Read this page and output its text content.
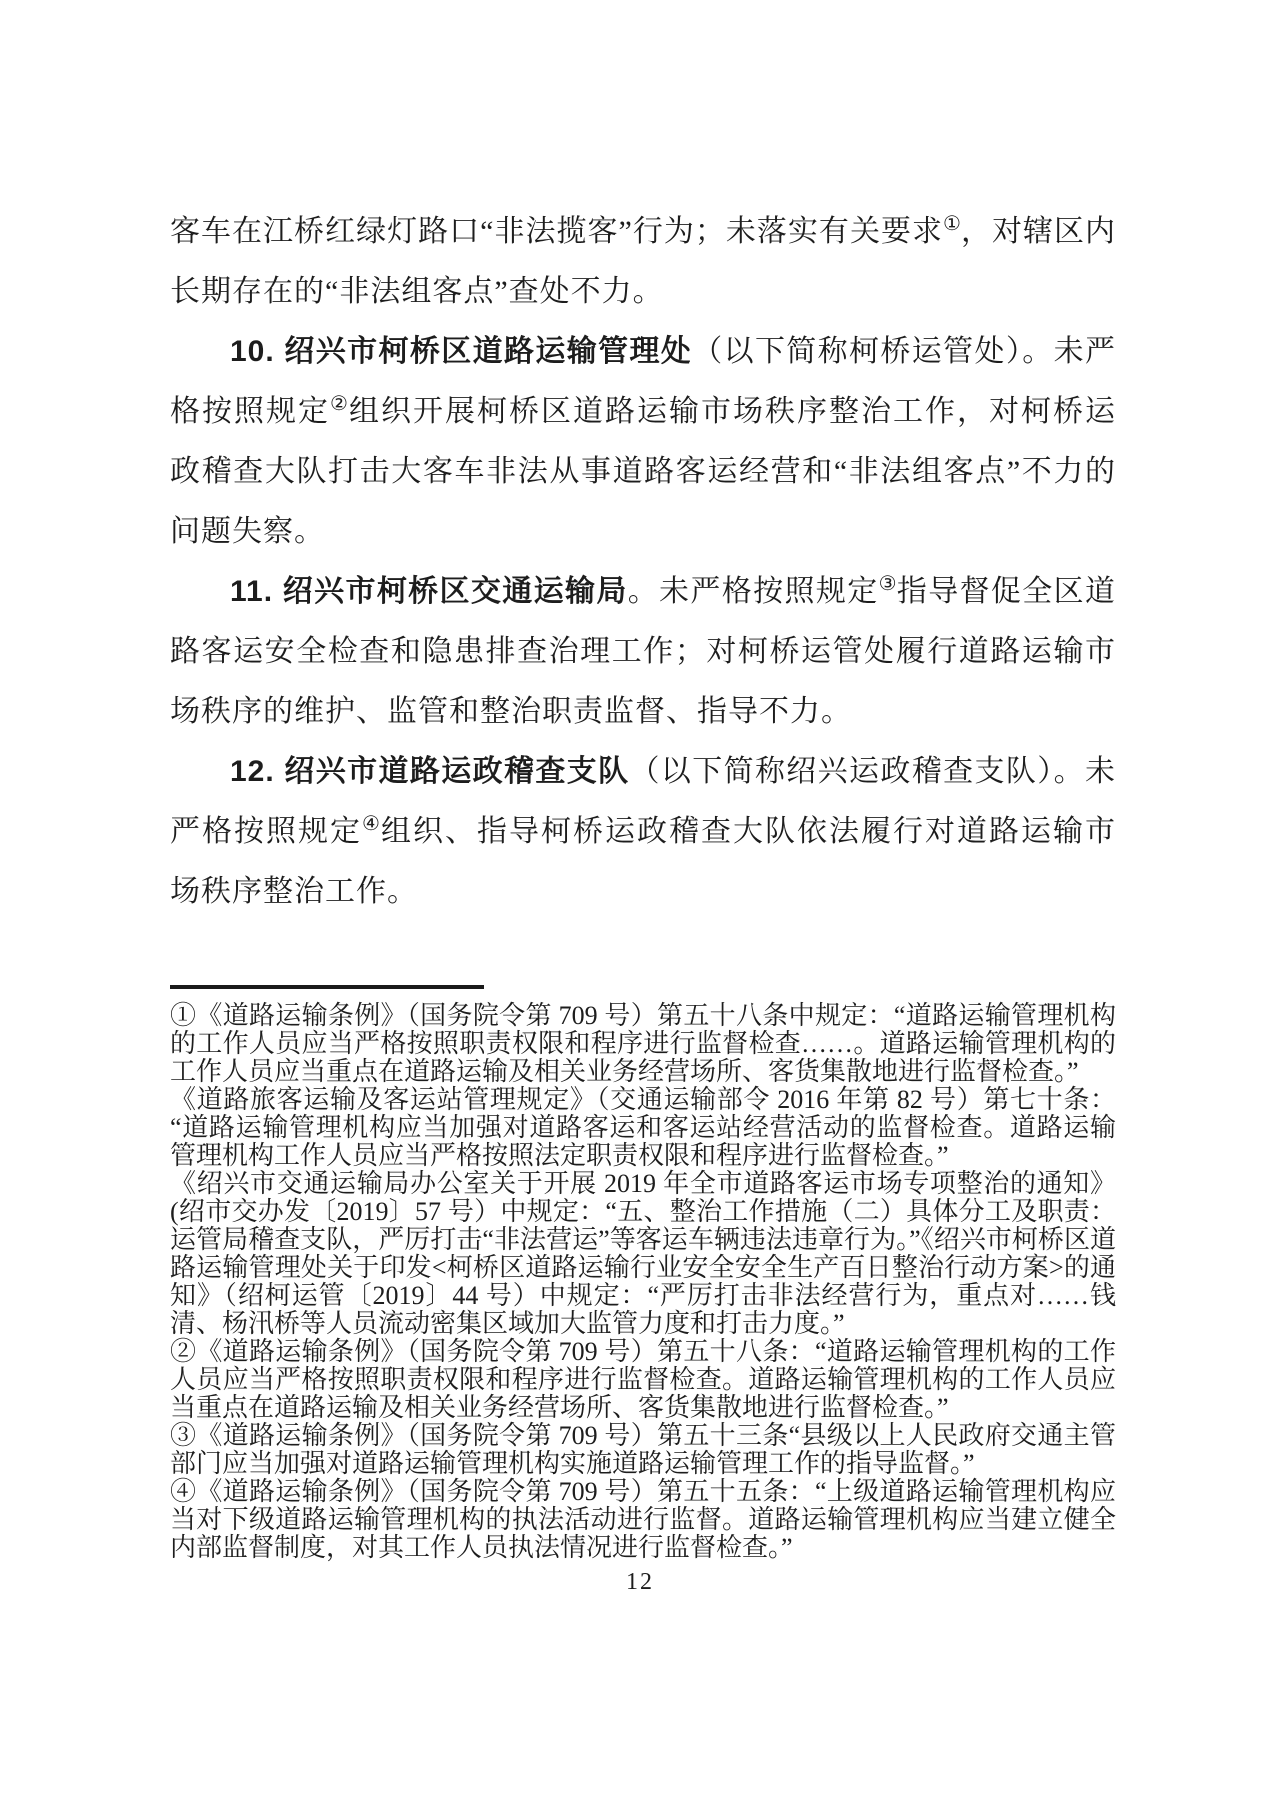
客车在江桥红绿灯路口“非法揽客”行为；未落实有关要求①，对辖区内长期存在的“非法组客点”查处不力。

10. 绍兴市柯桥区道路运输管理处（以下简称柯桥运管处）。未严格按照规定②组织开展柯桥区道路运输市场秩序整治工作，对柯桥运政稽查大队打击大客车非法从事道路客运经营和“非法组客点”不力的问题失察。

11. 绍兴市柯桥区交通运输局。未严格按照规定③指导督促全区道路客运安全检查和隐患排查治理工作；对柯桥运管处履行道路运输市场秩序的维护、监管和整治职责监督、指导不力。

12. 绍兴市道路运政稽查支队（以下简称绍兴运政稽查支队）。未严格按照规定④组织、指导柯桥运政稽查大队依法履行对道路运输市场秩序整治工作。

①《道路运输条例》（国务院令第 709 号）第五十八条中规定：“道路运输管理机构的工作人员应当严格按照职责权限和程序进行监督检查……。道路运输管理机构的工作人员应当重点在道路运输及相关业务经营场所、客货集散地进行监督检查。”

《道路旅客运输及客运站管理规定》（交通运输部令 2016 年第 82 号）第七十条：“道路运输管理机构应当加强对道路客运和客运站经营活动的监督检查。道路运输管理机构工作人员应当严格按照法定职责权限和程序进行监督检查。”

《绍兴市交通运输局办公室关于开展 2019 年全市道路客运市场专项整治的通知》(绍市交办发〔2019〕57 号）中规定：“五、整治工作措施（二）具体分工及职责：运管局稽查支队，严厉打击“非法营运”等客运车辆违法违章行为。”《绍兴市柯桥区道路运输管理处关于印发<柯桥区道路运输行业安全安全生产百日整治行动方案>的通知》（绍柯运管〔2019〕44 号）中规定：“严厉打击非法经营行为，重点对……钱清、杨汛桥等人员流动密集区域加大监管力度和打击力度。”

②《道路运输条例》（国务院令第 709 号）第五十八条：“道路运输管理机构的工作人员应当严格按照职责权限和程序进行监督检查。道路运输管理机构的工作人员应当重点在道路运输及相关业务经营场所、客货集散地进行监督检查。”

③《道路运输条例》（国务院令第 709 号）第五十三条“县级以上人民政府交通主管部门应当加强对道路运输管理机构实施道路运输管理工作的指导监督。”

④《道路运输条例》（国务院令第 709 号）第五十五条：“上级道路运输管理机构应当对下级道路运输管理机构的执法活动进行监督。道路运输管理机构应当建立健全内部监督制度，对其工作人员执法情况进行监督检查。”

12
